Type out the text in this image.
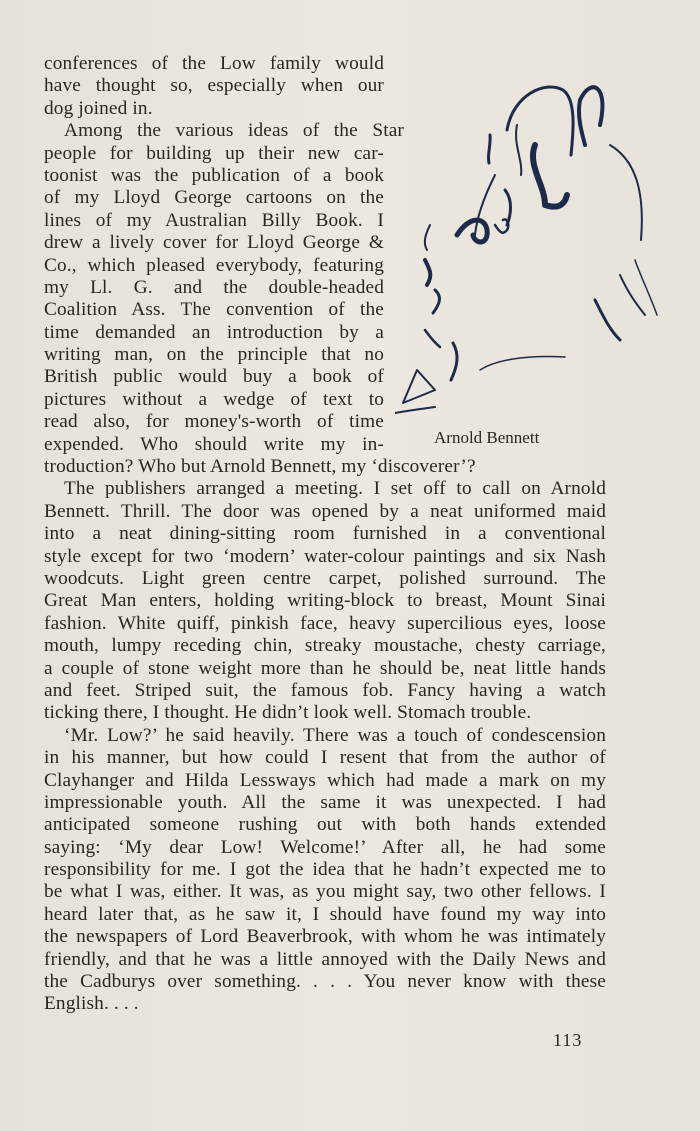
conferences of the Low family would
have thought so, especially when our
dog joined in.
Among the various ideas of the Star
people for building up their new car-
toonist was the publication of a book
of my Lloyd George cartoons on the
lines of my Australian Billy Book. I
drew a lively cover for Lloyd George &
Co., which pleased everybody, featuring
my Ll. G. and the double-headed
Coalition Ass. The convention of the
time demanded an introduction by a
writing man, on the principle that no
British public would buy a book of
pictures without a wedge of text to
read also, for money's-worth of time
expended. Who should write my in-
troduction? Who but Arnold Bennett, my ‘discoverer’?
The publishers arranged a meeting. I set off to call on Arnold
Bennett. Thrill. The door was opened by a neat uniformed maid
into a neat dining-sitting room furnished in a conventional
style except for two ‘modern’ water-colour paintings and six Nash
woodcuts. Light green centre carpet, polished surround. The
Great Man enters, holding writing-block to breast, Mount Sinai
fashion. White quiff, pinkish face, heavy supercilious eyes, loose
mouth, lumpy receding chin, streaky moustache, chesty carriage,
a couple of stone weight more than he should be, neat little hands
and feet. Striped suit, the famous fob. Fancy having a watch
ticking there, I thought. He didn’t look well. Stomach trouble.
‘Mr. Low?’ he said heavily. There was a touch of condescension
in his manner, but how could I resent that from the author of
Clayhanger and Hilda Lessways which had made a mark on my
impressionable youth. All the same it was unexpected. I had
anticipated someone rushing out with both hands extended
saying: ‘My dear Low! Welcome!’ After all, he had some
responsibility for me. I got the idea that he hadn’t expected me to
be what I was, either. It was, as you might say, two other fellows. I
heard later that, as he saw it, I should have found my way into
the newspapers of Lord Beaverbrook, with whom he was intimately
friendly, and that he was a little annoyed with the Daily News and
the Cadburys over something. . . . You never know with these
English. . . .
Arnold Bennett
113
